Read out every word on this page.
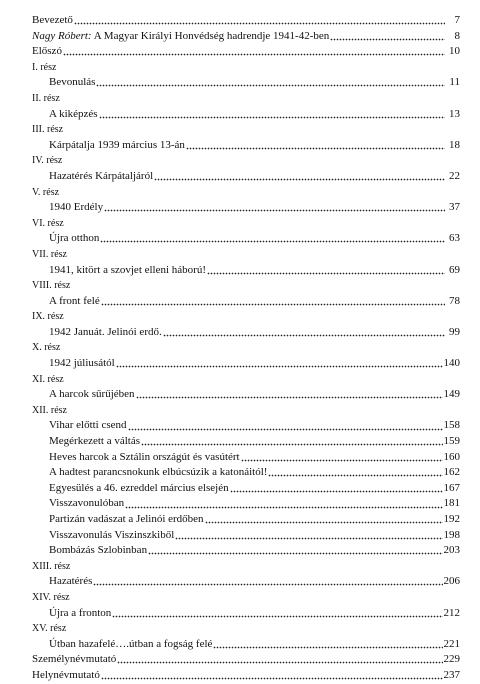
Bevezető	7
Nagy Róbert: A Magyar Királyi Honvédség hadrendje 1941-42-ben	8
Előszó	10
I. rész
Bevonulás	11
II. rész
A kiképzés	13
III. rész
Kárpátalja 1939 március 13-án	18
IV. rész
Hazatérés Kárpátaljáról	22
V. rész
1940 Erdély	37
VI. rész
Újra otthon	63
VII. rész
1941, kitört a szovjet elleni háború!	69
VIII. rész
A front felé	78
IX. rész
1942 Januát. Jelinói erdő.	99
X. rész
1942 júliusától	140
XI. rész
A harcok sűrűjében	149
XII. rész
Vihar előtti csend	158
Megérkezett a váltás	159
Heves harcok a Sztálin országút és vasútért	160
A hadtest parancsnokunk elbúcsúzik a katonáitól!	162
Egyesülés a 46. ezreddel március elsején	167
Visszavonulóban	181
Partizán vadászat a Jelinói erdőben	192
Visszavonulás Viszinszkiből	198
Bombázás Szlobinban	203
XIII. rész
Hazatérés	206
XIV. rész
Újra a fronton	212
XV. rész
Útban hazafelé….útban a fogság felé	221
Személynévmutató	229
Helynévmutató	237
